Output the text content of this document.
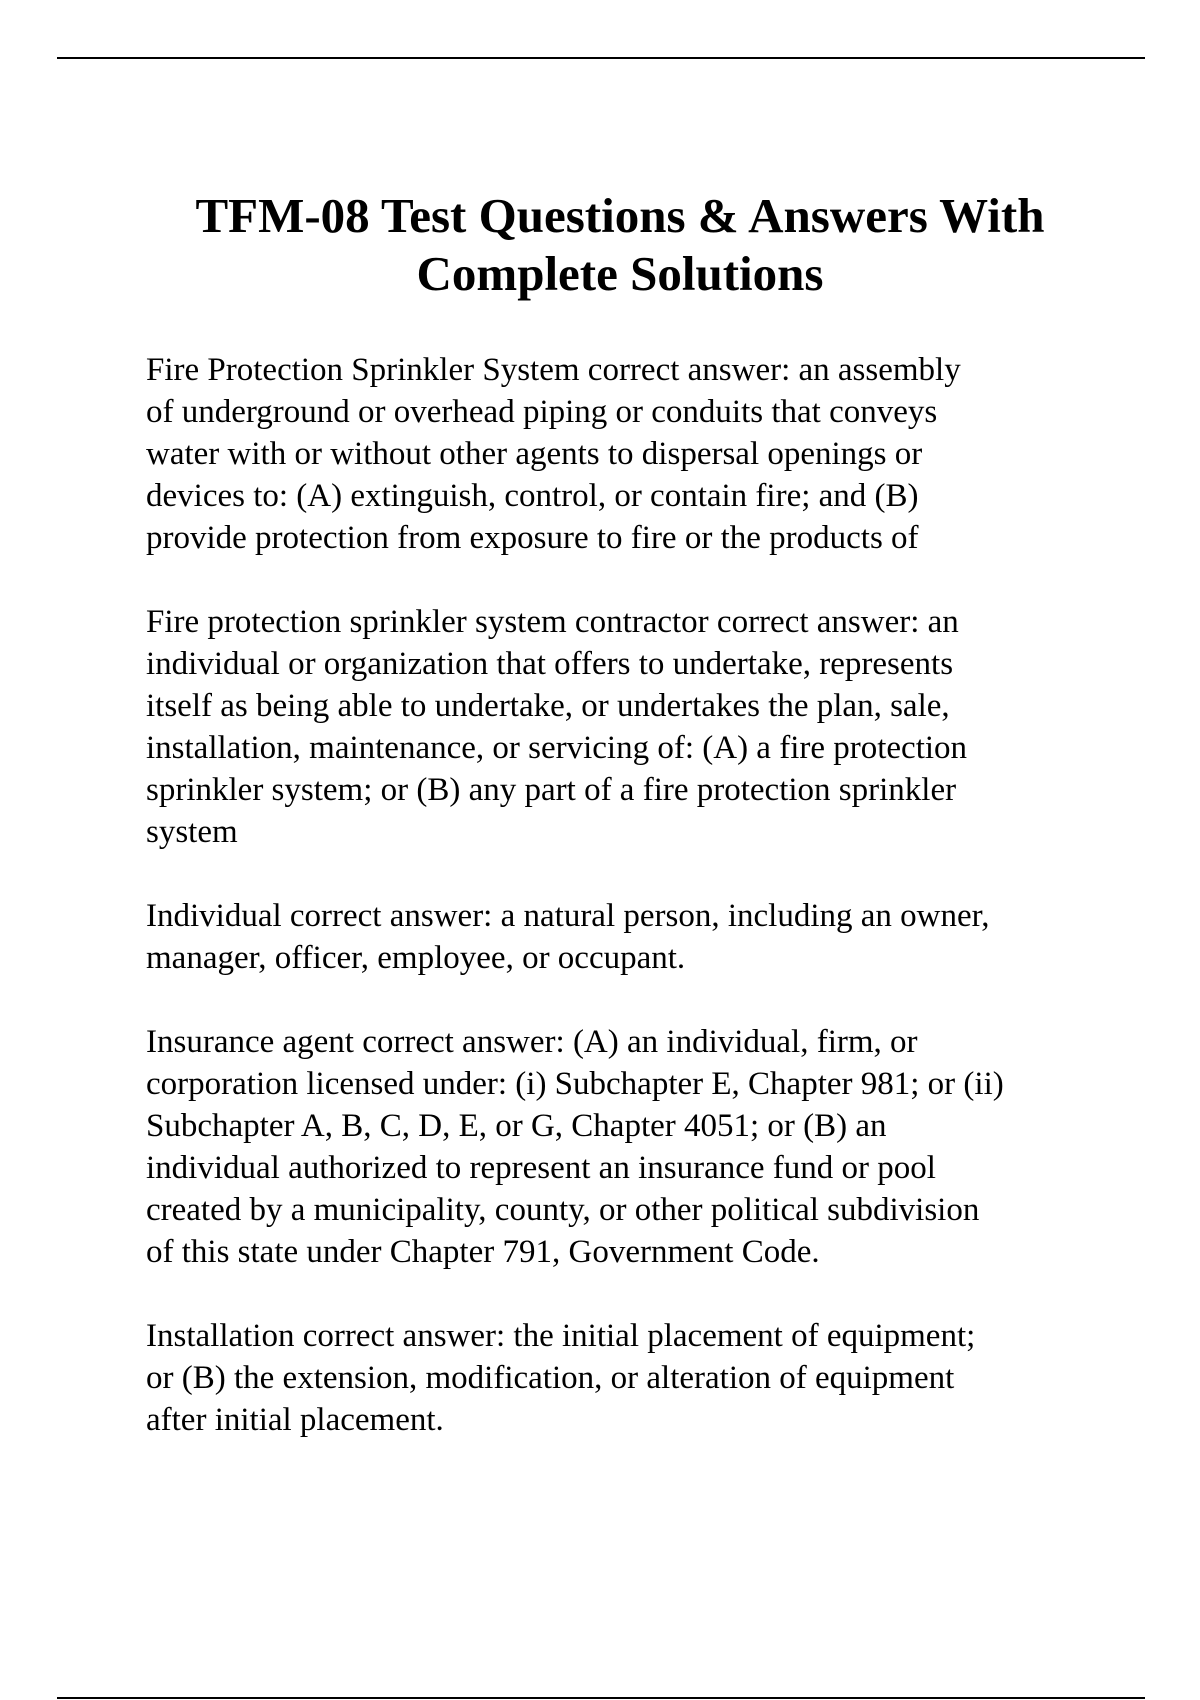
TFM-08 Test Questions & Answers With
Complete Solutions

Fire Protection Sprinkler System correct answer: an assembly
of underground or overhead piping or conduits that conveys
water with or without other agents to dispersal openings or
devices to: (A) extinguish, control, or contain fire; and (B)
provide protection from exposure to fire or the products of

Fire protection sprinkler system contractor correct answer: an
individual or organization that offers to undertake, represents
itself as being able to undertake, or undertakes the plan, sale,
installation, maintenance, or servicing of: (A) a fire protection
sprinkler system; or (B) any part of a fire protection sprinkler
system

Individual correct answer: a natural person, including an owner,
manager, officer, employee, or occupant.

Insurance agent correct answer: (A) an individual, firm, or
corporation licensed under: (i) Subchapter E, Chapter 981; or (ii)
Subchapter A, B, C, D, E, or G, Chapter 4051; or (B) an
individual authorized to represent an insurance fund or pool
created by a municipality, county, or other political subdivision
of this state under Chapter 791, Government Code.

Installation correct answer: the initial placement of equipment;
or (B) the extension, modification, or alteration of equipment
after initial placement.
